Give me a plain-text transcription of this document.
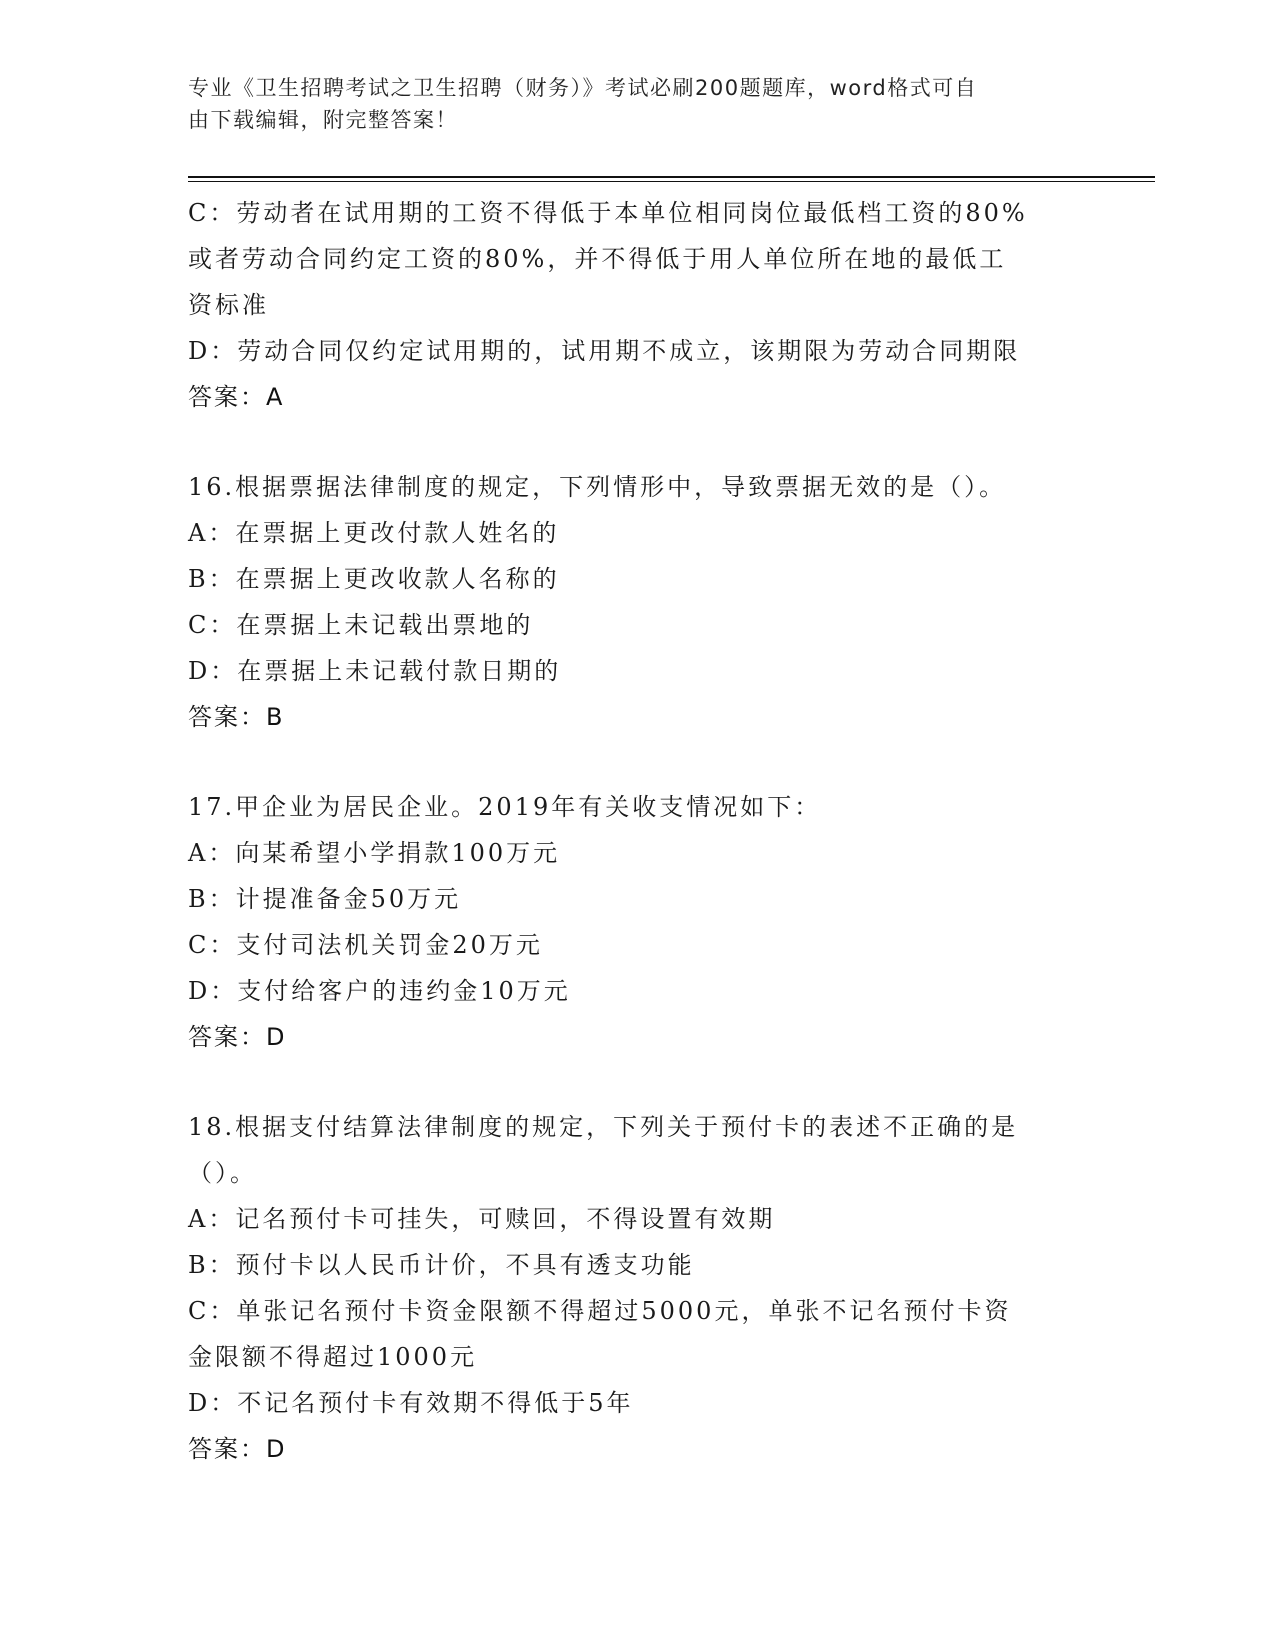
专业《卫生招聘考试之卫生招聘（财务）》考试必刷200题题库，word格式可自
由下载编辑，附完整答案！
C：劳动者在试用期的工资不得低于本单位相同岗位最低档工资的80%
或者劳动合同约定工资的80%，并不得低于用人单位所在地的最低工
资标准
D：劳动合同仅约定试用期的，试用期不成立，该期限为劳动合同期限
答案：A
16.根据票据法律制度的规定，下列情形中，导致票据无效的是（）。
A：在票据上更改付款人姓名的
B：在票据上更改收款人名称的
C：在票据上未记载出票地的
D：在票据上未记载付款日期的
答案：B
17.甲企业为居民企业。2019年有关收支情况如下：
A：向某希望小学捐款100万元
B：计提准备金50万元
C：支付司法机关罚金20万元
D：支付给客户的违约金10万元
答案：D
18.根据支付结算法律制度的规定，下列关于预付卡的表述不正确的是
（）。
A：记名预付卡可挂失，可赎回，不得设置有效期
B：预付卡以人民币计价，不具有透支功能
C：单张记名预付卡资金限额不得超过5000元，单张不记名预付卡资
金限额不得超过1000元
D：不记名预付卡有效期不得低于5年
答案：D
